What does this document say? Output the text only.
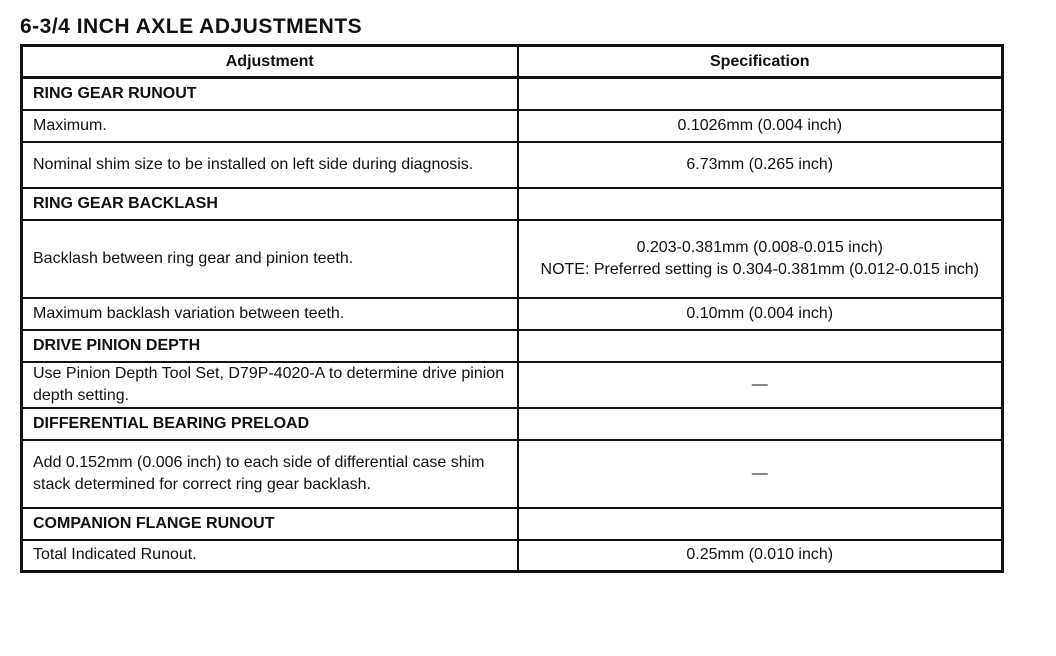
6-3/4 INCH AXLE ADJUSTMENTS
Adjustment	Specification
RING GEAR RUNOUT	
Maximum.	0.1026mm (0.004 inch)
Nominal shim size to be installed on left side during diagnosis.	6.73mm (0.265 inch)
RING GEAR BACKLASH	
Backlash between ring gear and pinion teeth.	0.203-0.381mm (0.008-0.015 inch)
NOTE: Preferred setting is 0.304-0.381mm (0.012-0.015 inch)

Maximum backlash variation between teeth.	0.10mm (0.004 inch)
DRIVE PINION DEPTH	
Use Pinion Depth Tool Set, D79P-4020-A to determine drive pinion depth setting.	—
DIFFERENTIAL BEARING PRELOAD	
Add 0.152mm (0.006 inch) to each side of differential case shim stack determined for correct ring gear backlash.	—
COMPANION FLANGE RUNOUT	
Total Indicated Runout.	0.25mm (0.010 inch)
